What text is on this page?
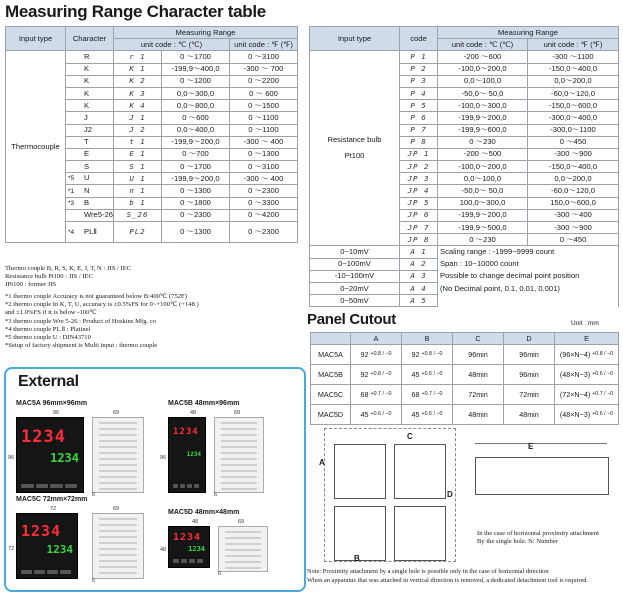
Measuring Range Character table
Input type	Character	Measuring Range		
		unit code : ℃ (℃)		unit code : ℉ (℉)
Thermocouple	R	r 1	0 ～1700	0 ～3100
	K	K 1	-199,9～400,0	-300 ～ 700
	K	K 2	0 ～1200	0 ～2200
	K	K 3	0,0～300,0	0 ～ 600
	K	K 4	0,0～800,0	0 ～1500
	J	J 1	0 ～600	0 ～1100
	J2	J 2	0,0～400,0	0 ～1100
	T	t 1	-199,9～200,0	-300 ～ 400
	E	E 1	0 ～700	0 ～1300
	S	S 1	0 ～1700	0 ～3100
	*5 U	U 1	-199,9～200,0	-300 ～ 400
	*1 N	n 1	0 ～1300	0 ～2300
	*3 B	b 1	0 ～1800	0 ～3300
	Wre5-26	S_26	0 ～2300	0 ～4200
	*4 PLⅡ	PL2	0 ～1300	0 ～2300
Input type	code	Measuring Range	
		unit code : ℃ (℃)	unit code : ℉ (℉)

Resistance bulb
Pt100	P 1	-200 ～600	-300 ～1100
	P 2	-100,0～200,0	-150,0～400,0
	P 3	0,0～100,0	0,0～200,0
	P 4	-50,0～ 50,0	-60,0～120,0
	P 5	-100,0～300,0	-150,0～600,0
	P 6	-199,9～200,0	-300,0～400,0
	P 7	-199,9～600,0	-300,0～1100
	P 8	0 ～230	0 ～450
	JP 1	-200 ～500	-300 ～900
	JP 2	-100,0～200,0	-150,0～400,0
	JP 3	0,0～100,0	0,0～200,0
	JP 4	-50,0～ 50,0	-60,0～120,0
	JP 5	100,0～300,0	150,0～600,0
	JP 6	-199,9～200,0	-300 ～400
	JP 7	-199,9～500,0	-300 ～900
	JP 8	0 ～230	0 ～450
0~10mV	A 1	Scaling range : -1999~9999 count	
0~100mV	A 2	Span : 10~10000 count	
-10~100mV	A 3	Possible to change decimal point position	
0~20mV	A 4	(No Decimal point, 0.1, 0.01, 0.001)	
0~50mV	A 5		
Thermo couple B, R, S, K, E, J, T, N : JIS / IEC
Resistance bulb Pt100 : JIS / IEC
JPt100 : former JIS
*1 thermo couple Accuracy is not guaranteed below B:400℃ (752F)
*2 thermo couple In K, T, U, accuracy is ±0.5%FS for 0~+100℃ (+148 )
and ±1.0%FS if it is below -100℃
*3 thermo couple Wre 5-26 : Product of Hoskins Mfg. co
*4 thermo couple PL Ⅱ : Platinel
*5 thermo couple U : DIN43710
*Setup of factory shipment is Multi input : thermo couple
External
MAC5A 96mm×96mm
96
96
1234
1234
69
6
MAC5B 48mm×96mm
48
96
1234
1234
69
6
MAC5C 72mm×72mm
72
72
1234
1234
69
6
MAC5D 48mm×48mm
48
48
1234
1234
69
6
Panel Cutout	Unit : mm
	A	B	C	D	E
MAC5A	92 +0.8 / −0	92 +0.8 / −0	96min	96min	(96×N−4) +0.8 / −0
MAC5B	92 +0.8 / −0	45 +0.6 / −0	48min	96min	(48×N−3) +0.6 / −0
MAC5C	68 +0.7 / −0	68 +0.7 / −0	72min	72min	(72×N−4) +0.7 / −0
MAC5D	45 +0.6 / −0	45 +0.6 / −0	48min	48min	(48×N−3) +0.6 / −0
A
B
C
D
E
In the case of horizontal proximity attachment
By the single hole. N: Number
Note: Proximity attachment by a single hole is possible only in the case of horizontal direction
When an apparatus that was attached in vertical direction is removed, a dedicated detachment tool is required.
